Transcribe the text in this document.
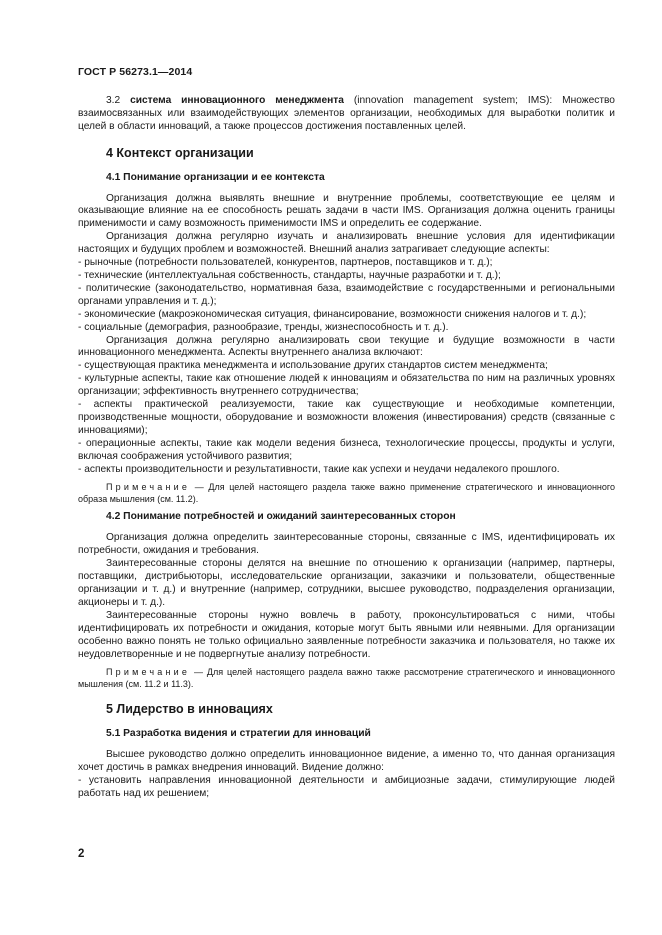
ГОСТ Р 56273.1—2014

3.2 система инновационного менеджмента (innovation management system; IMS): Множество взаимосвязанных или взаимодействующих элементов организации, необходимых для выработки политик и целей в области инноваций, а также процессов достижения поставленных целей.

4 Контекст организации
4.1 Понимание организации и ее контекста

Организация должна выявлять внешние и внутренние проблемы, соответствующие ее целям и оказывающие влияние на ее способность решать задачи в части IMS. Организация должна оценить границы применимости и саму возможность применимости IMS и определить ее содержание.

Организация должна регулярно изучать и анализировать внешние условия для идентификации настоящих и будущих проблем и возможностей. Внешний анализ затрагивает следующие аспекты:

- рыночные (потребности пользователей, конкурентов, партнеров, поставщиков и т. д.);

- технические (интеллектуальная собственность, стандарты, научные разработки и т. д.);

- политические (законодательство, нормативная база, взаимодействие с государственными и региональными органами управления и т. д.);

- экономические (макроэкономическая ситуация, финансирование, возможности снижения налогов и т. д.);

- социальные (демография, разнообразие, тренды, жизнеспособность и т. д.).

Организация должна регулярно анализировать свои текущие и будущие возможности в части инновационного менеджмента. Аспекты внутреннего анализа включают:

- существующая практика менеджмента и использование других стандартов систем менеджмента;

- культурные аспекты, такие как отношение людей к инновациям и обязательства по ним на различных уровнях организации; эффективность внутреннего сотрудничества;

- аспекты практической реализуемости, такие как существующие и необходимые компетенции, производственные мощности, оборудование и возможности вложения (инвестирования) средств (связанные с инновациями);

- операционные аспекты, такие как модели ведения бизнеса, технологические процессы, продукты и услуги, включая соображения устойчивого развития;

- аспекты производительности и результативности, такие как успехи и неудачи недалекого прошлого.

Примечание — Для целей настоящего раздела также важно применение стратегического и инновационного образа мышления (см. 11.2).

4.2 Понимание потребностей и ожиданий заинтересованных сторон

Организация должна определить заинтересованные стороны, связанные с IMS, идентифицировать их потребности, ожидания и требования.

Заинтересованные стороны делятся на внешние по отношению к организации (например, партнеры, поставщики, дистрибьюторы, исследовательские организации, заказчики и пользователи, общественные организации и т. д.) и внутренние (например, сотрудники, высшее руководство, подразделения организации, акционеры и т. д.).

Заинтересованные стороны нужно вовлечь в работу, проконсультироваться с ними, чтобы идентифицировать их потребности и ожидания, которые могут быть явными или неявными. Для организации особенно важно понять не только официально заявленные потребности заказчика и пользователя, но также их неудовлетворенные и не подвергнутые анализу потребности.

Примечание — Для целей настоящего раздела важно также рассмотрение стратегического и инновационного мышления (см. 11.2 и 11.3).

5 Лидерство в инновациях
5.1 Разработка видения и стратегии для инноваций

Высшее руководство должно определить инновационное видение, а именно то, что данная организация хочет достичь в рамках внедрения инноваций. Видение должно:

- установить направления инновационной деятельности и амбициозные задачи, стимулирующие людей работать над их решением;

2
